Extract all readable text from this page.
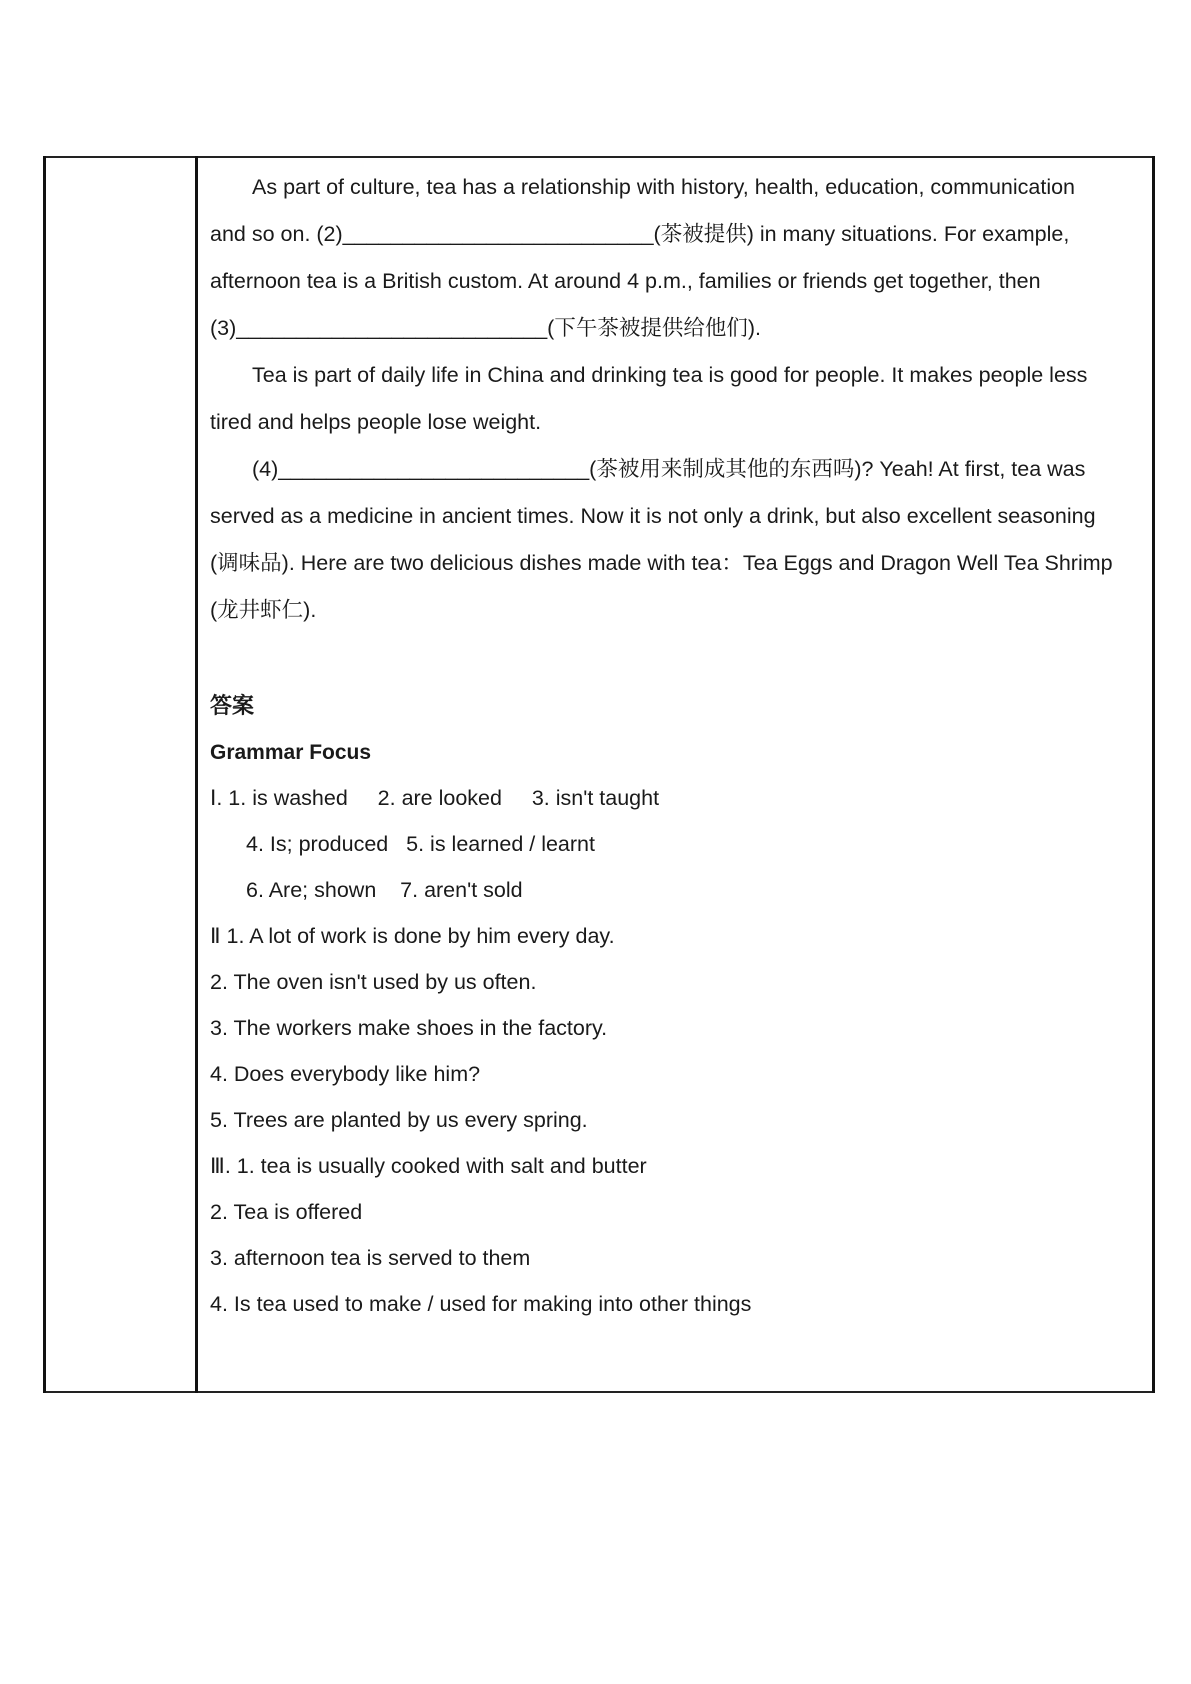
As part of culture, tea has a relationship with history, health, education, communication

and so on. (2)__________________________(茶被提供) in many situations. For example,

afternoon tea is a British custom. At around 4 p.m., families or friends get together, then

(3)__________________________(下午茶被提供给他们).

Tea is part of daily life in China and drinking tea is good for people. It makes people less

tired and helps people lose weight.

(4)__________________________(茶被用来制成其他的东西吗)? Yeah! At first, tea was

served as a medicine in ancient times. Now it is not only a drink, but also excellent seasoning

(调味品). Here are two delicious dishes made with tea：Tea Eggs and Dragon Well Tea Shrimp

(龙井虾仁).

答案

Grammar Focus

Ⅰ. 1. is washed     2. are looked     3. isn't taught

4. Is; produced   5. is learned / learnt

6. Are; shown    7. aren't sold

Ⅱ 1. A lot of work is done by him every day.

2. The oven isn't used by us often.

3. The workers make shoes in the factory.

4. Does everybody like him?

5. Trees are planted by us every spring.

Ⅲ. 1. tea is usually cooked with salt and butter

2. Tea is offered

3. afternoon tea is served to them

4. Is tea used to make / used for making into other things
